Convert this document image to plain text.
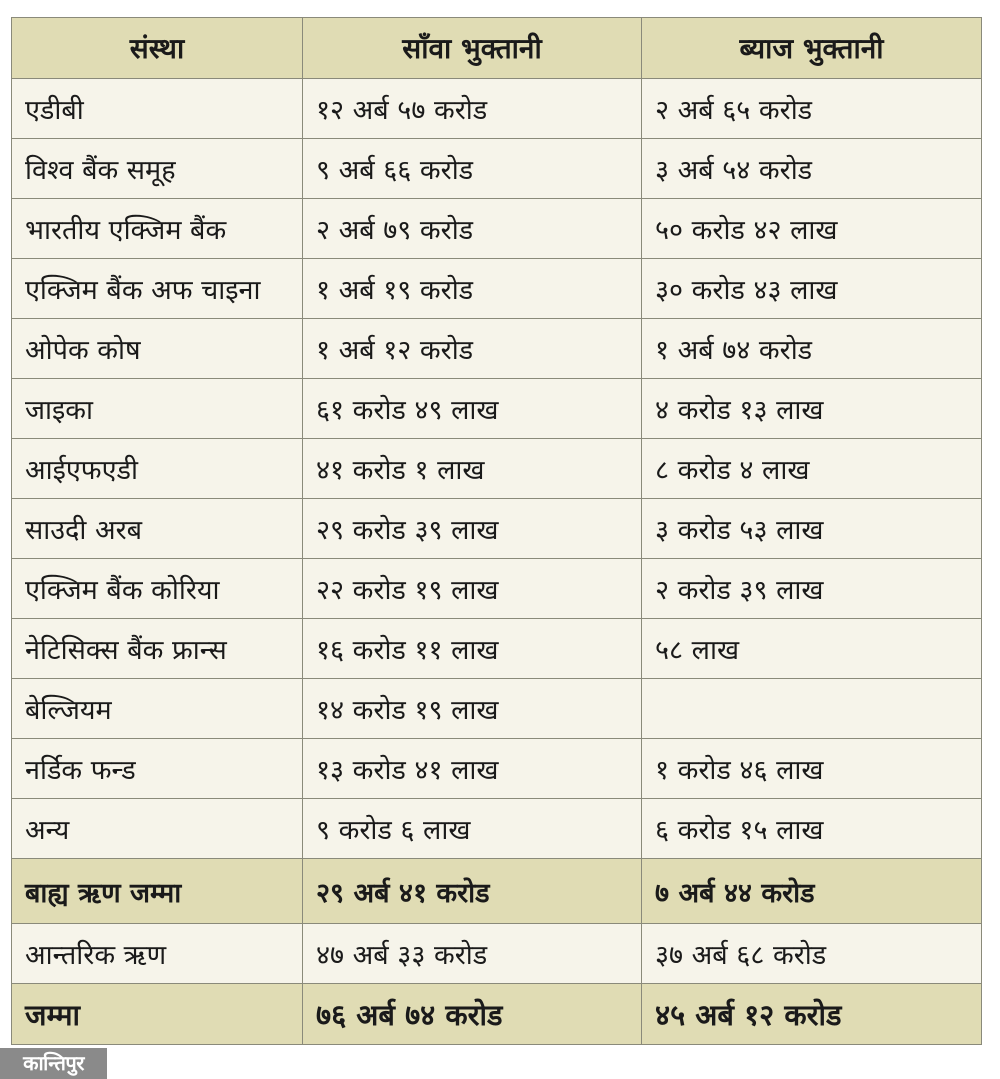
संस्था	साँवा भुक्तानी	ब्याज भुक्तानी
एडीबी	१२ अर्ब ५७ करोड	२ अर्ब ६५ करोड
विश्व बैंक समूह	९ अर्ब ६६ करोड	३ अर्ब ५४ करोड
भारतीय एक्जिम बैंक	२ अर्ब ७९ करोड	५० करोड ४२ लाख
एक्जिम बैंक अफ चाइना	१ अर्ब १९ करोड	३० करोड ४३ लाख
ओपेक कोष	१ अर्ब १२ करोड	१ अर्ब ७४ करोड
जाइका	६१ करोड ४९ लाख	४ करोड १३ लाख
आईएफएडी	४१ करोड १ लाख	८ करोड ४ लाख
साउदी अरब	२९ करोड ३९ लाख	३ करोड ५३ लाख
एक्जिम बैंक कोरिया	२२ करोड १९ लाख	२ करोड ३९ लाख
नेटिसिक्स बैंक फ्रान्स	१६ करोड ११ लाख	५८ लाख
बेल्जियम	१४ करोड १९ लाख	
नर्डिक फन्ड	१३ करोड ४१ लाख	१ करोड ४६ लाख
अन्य	९ करोड ६ लाख	६ करोड १५ लाख
बाह्य ऋण जम्मा	२९ अर्ब ४१ करोड	७ अर्ब ४४ करोड
आन्तरिक ऋण	४७ अर्ब ३३ करोड	३७ अर्ब ६८ करोड
जम्मा	७६ अर्ब ७४ करोड	४५ अर्ब १२ करोड
कान्तिपुर
